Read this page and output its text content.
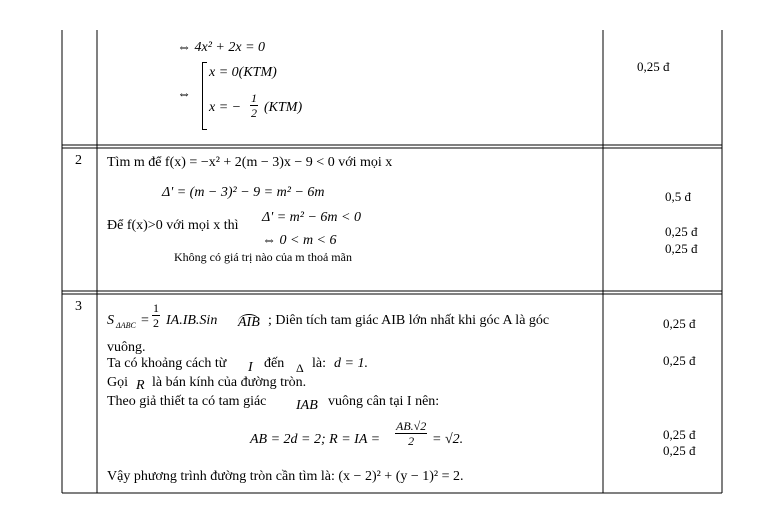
⇔ 4x² + 2x = 0
⇔
x = 0(KTM)
x = − $\frac{1}{2} (KTM)$
0,25 đ
2 Tìm m để f(x) = −x² + 2(m − 3)x − 9 < 0 với mọi x
Δ' = (m − 3)² − 9 = m² − 6m
Để f(x)>0 với mọi x thì
Δ' = m² − 6m < 0
⇔ 0 < m < 6
Không có giá trị nào của m thoả mãn
0,5 đ
0,25 đ
0,25 đ
3
S $\Delta ABC = \frac{1}{2} IA.IB.Sin$ AIB ; Diên tích tam giác AIB lớn nhất khi góc A là góc
vuông.
Ta có khoảng cách từ I đến Δ là: d = 1.
Gọi R là bán kính của đường tròn.
Theo giả thiết ta có tam giác IAB vuông cân tại I nên:
AB = 2d = 2; R = IA = $\frac{AB.√2}{2} = √2$.
Vậy phương trình đường tròn cần tìm là: (x − 2)² + (y − 1)² = 2.
0,25 đ
0,25 đ
0,25 đ
0,25 đ
